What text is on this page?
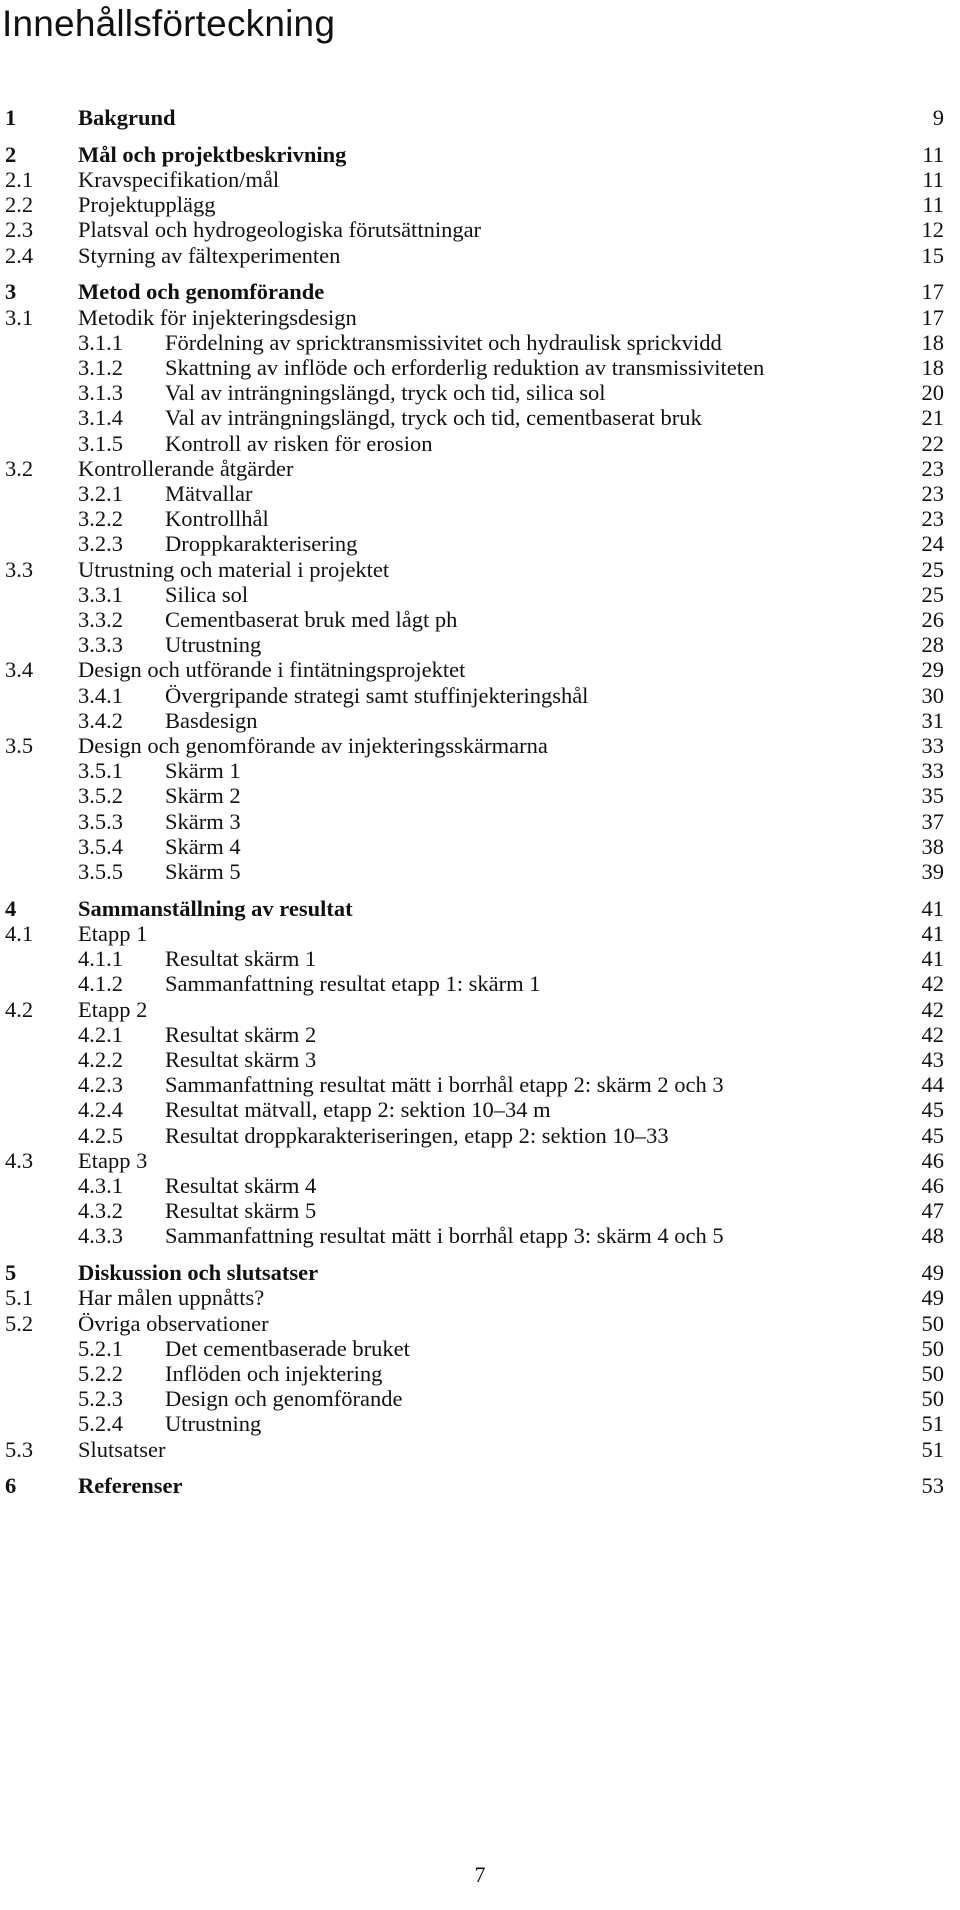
Innehållsförteckning
1	Bakgrund	9
2	Mål och projektbeskrivning	11
2.1 Kravspecifikation/mål	11
2.2 Projektupplägg	11
2.3 Platsval och hydrogeologiska förutsättningar	12
2.4 Styrning av fältexperimenten	15
3	Metod och genomförande	17
3.1 Metodik för injekteringsdesign	17
3.1.1 Fördelning av spricktransmissivitet och hydraulisk sprickvidd	18
3.1.2 Skattning av inflöde och erforderlig reduktion av transmissiviteten	18
3.1.3 Val av inträngningslängd, tryck och tid, silica sol	20
3.1.4 Val av inträngningslängd, tryck och tid, cementbaserat bruk	21
3.1.5 Kontroll av risken för erosion	22
3.2 Kontrollerande åtgärder	23
3.2.1 Mätvallar	23
3.2.2 Kontrollhål	23
3.2.3 Droppkarakterisering	24
3.3 Utrustning och material i projektet	25
3.3.1 Silica sol	25
3.3.2 Cementbaserat bruk med lågt ph	26
3.3.3 Utrustning	28
3.4 Design och utförande i fintätningsprojektet	29
3.4.1 Övergripande strategi samt stuffinjekteringshål	30
3.4.2 Basdesign	31
3.5 Design och genomförande av injekteringsskärmarna	33
3.5.1 Skärm 1	33
3.5.2 Skärm 2	35
3.5.3 Skärm 3	37
3.5.4 Skärm 4	38
3.5.5 Skärm 5	39
4	Sammanställning av resultat	41
4.1 Etapp 1	41
4.1.1 Resultat skärm 1	41
4.1.2 Sammanfattning resultat etapp 1: skärm 1	42
4.2 Etapp 2	42
4.2.1 Resultat skärm 2	42
4.2.2 Resultat skärm 3	43
4.2.3 Sammanfattning resultat mätt i borrhål etapp 2: skärm 2 och 3	44
4.2.4 Resultat mätvall, etapp 2: sektion 10–34 m	45
4.2.5 Resultat droppkarakteriseringen, etapp 2: sektion 10–33	45
4.3 Etapp 3	46
4.3.1 Resultat skärm 4	46
4.3.2 Resultat skärm 5	47
4.3.3 Sammanfattning resultat mätt i borrhål etapp 3: skärm 4 och 5	48
5	Diskussion och slutsatser	49
5.1 Har målen uppnåtts?	49
5.2 Övriga observationer	50
5.2.1 Det cementbaserade bruket	50
5.2.2 Inflöden och injektering	50
5.2.3 Design och genomförande	50
5.2.4 Utrustning	51
5.3 Slutsatser	51
6	Referenser	53
7
